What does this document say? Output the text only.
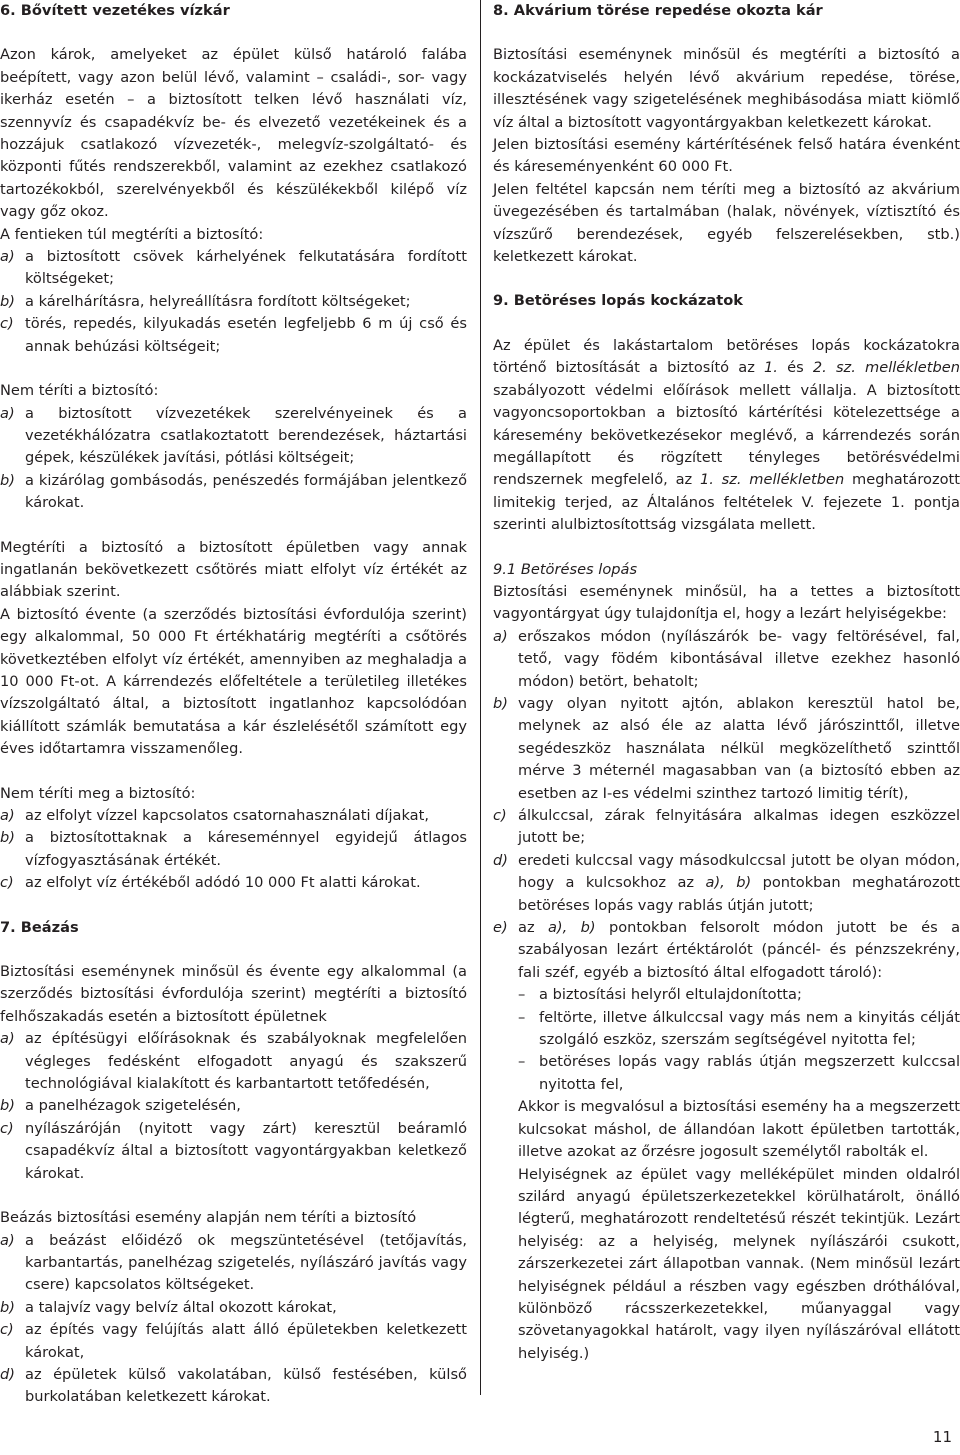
6. Bővített vezetékes vízkár

Azon károk, amelyeket az épület külső határoló falába beépített, vagy azon belül lévő, valamint – családi-, sor- vagy ikerház esetén – a biztosított telken lévő használati víz, szennyvíz és csapadékvíz be- és elvezető vezetékeinek és a hozzájuk csatlakozó vízvezeték-, melegvíz-szolgáltató- és központi fűtés rendszerekből, valamint az ezekhez csatlakozó tartozékokból, szerelvényekből és készülékekből kilépő víz vagy gőz okoz.

A fentieken túl megtéríti a biztosító:

a) a biztosított csövek kárhelyének felkutatására fordított költségeket;
b) a kárelhárításra, helyreállításra fordított költségeket;
c) törés, repedés, kilyukadás esetén legfeljebb 6 m új cső és annak behúzási költségeit;

Nem téríti a biztosító:

a) a biztosított vízvezetékek szerelvényeinek és a vezetékhálózatra csatlakoztatott berendezések, háztartási gépek, készülékek javítási, pótlási költségeit;
b) a kizárólag gombásodás, penészedés formájában jelentkező károkat.

Megtéríti a biztosító a biztosított épületben vagy annak ingatlanán bekövetkezett csőtörés miatt elfolyt víz értékét az alábbiak szerint.

A biztosító évente (a szerződés biztosítási évfordulója szerint) egy alkalommal, 50 000 Ft értékhatárig megtéríti a csőtörés következtében elfolyt víz értékét, amennyiben az meghaladja a 10 000 Ft-ot. A kárrendezés előfeltétele a területileg illetékes vízszolgáltató által, a biztosított ingatlanhoz kapcsolódóan kiállított számlák bemutatása a kár észlelésétől számított egy éves időtartamra visszamenőleg.

Nem téríti meg a biztosító:

a) az elfolyt vízzel kapcsolatos csatornahasználati díjakat,
b) a biztosítottaknak a káreseménnyel egyidejű átlagos vízfogyasztásának értékét.
c) az elfolyt víz értékéből adódó 10 000 Ft alatti károkat.
7. Beázás

Biztosítási eseménynek minősül és évente egy alkalommal (a szerződés biztosítási évfordulója szerint) megtéríti a biztosító felhőszakadás esetén a biztosított épületnek

a) az építésügyi előírásoknak és szabályoknak megfelelően végleges fedésként elfogadott anyagú és szakszerű technológiával kialakított és karbantartott tetőfedésén,
b) a panelhézagok szigetelésén,
c) nyílászáróján (nyitott vagy zárt) keresztül beáramló csapadékvíz által a biztosított vagyontárgyakban keletkező károkat.

Beázás biztosítási esemény alapján nem téríti a biztosító

a) a beázást előidéző ok megszüntetésével (tetőjavítás, karbantartás, panelhézag szigetelés, nyílászáró javítás vagy csere) kapcsolatos költségeket.
b) a talajvíz vagy belvíz által okozott károkat,
c) az építés vagy felújítás alatt álló épületekben keletkezett károkat,
d) az épületek külső vakolatában, külső festésében, külső burkolatában keletkezett károkat.
8. Akvárium törése repedése okozta kár

Biztosítási eseménynek minősül és megtéríti a biztosító a kockázatviselés helyén lévő akvárium repedése, törése, illesztésének vagy szigetelésének meghibásodása miatt kiömlő víz által a biztosított vagyontárgyakban keletkezett károkat.

Jelen biztosítási esemény kártérítésének felső határa évenként és káreseményenként 60 000 Ft.

Jelen feltétel kapcsán nem téríti meg a biztosító az akvárium üvegezésében és tartalmában (halak, növények, víztisztító és vízszűrő berendezések, egyéb felszerelésekben, stb.) keletkezett károkat.

9. Betöréses lopás kockázatok

Az épület és lakástartalom betöréses lopás kockázatokra történő biztosítását a biztosító az 1. és 2. sz. mellékletben szabályozott védelmi előírások mellett vállalja. A biztosított vagyoncsoportokban a biztosító kártérítési kötelezettsége a káresemény bekövetkezésekor meglévő, a kárrendezés során megállapított és rögzített tényleges betörésvédelmi rendszernek megfelelő, az 1. sz. mellékletben meghatározott limitekig terjed, az Általános feltételek V. fejezete 1. pontja szerinti alulbiztosítottság vizsgálata mellett.

9.1 Betöréses lopás

Biztosítási eseménynek minősül, ha a tettes a biztosított vagyontárgyat úgy tulajdonítja el, hogy a lezárt helyiségekbe:

a) erőszakos módon (nyílászárók be- vagy feltörésével, fal, tető, vagy födém kibontásával illetve ezekhez hasonló módon) betört, behatolt;
b) vagy olyan nyitott ajtón, ablakon keresztül hatol be, melynek az alsó éle az alatta lévő járószinttől, illetve segédeszköz használata nélkül megközelíthető szinttől mérve 3 méternél magasabban van (a biztosító ebben az esetben az I-es védelmi szinthez tartozó limitig térít),
c) álkulccsal, zárak felnyitására alkalmas idegen eszközzel jutott be;
d) eredeti kulccsal vagy másodkulccsal jutott be olyan módon, hogy a kulcsokhoz az a), b) pontokban meghatározott betöréses lopás vagy rablás útján jutott;
e) az a), b) pontokban felsorolt módon jutott be és a szabályosan lezárt értéktárolót (páncél- és pénzszekrény, fali széf, egyéb a biztosító által elfogadott tároló):
– a biztosítási helyről eltulajdonította;
– feltörte, illetve álkulccsal vagy más nem a kinyitás célját szolgáló eszköz, szerszám segítségével nyitotta fel;
– betöréses lopás vagy rablás útján megszerzett kulccsal nyitotta fel,

Akkor is megvalósul a biztosítási esemény ha a megszerzett kulcsokat máshol, de állandóan lakott épületben tartották, illetve azokat az őrzésre jogosult személytől rabolták el.

Helyiségnek az épület vagy melléképület minden oldalról szilárd anyagú épületszerkezetekkel körülhatárolt, önálló légterű, meghatározott rendeltetésű részét tekintjük. Lezárt helyiség: az a helyiség, melynek nyílászárói csukott, zárszerkezetei zárt állapotban vannak. (Nem minősül lezárt helyiségnek például a részben vagy egészben dróthálóval, különböző rácsszerkezetekkel, műanyaggal vagy szövetanyagokkal határolt, vagy ilyen nyílászáróval ellátott helyiség.)

11
